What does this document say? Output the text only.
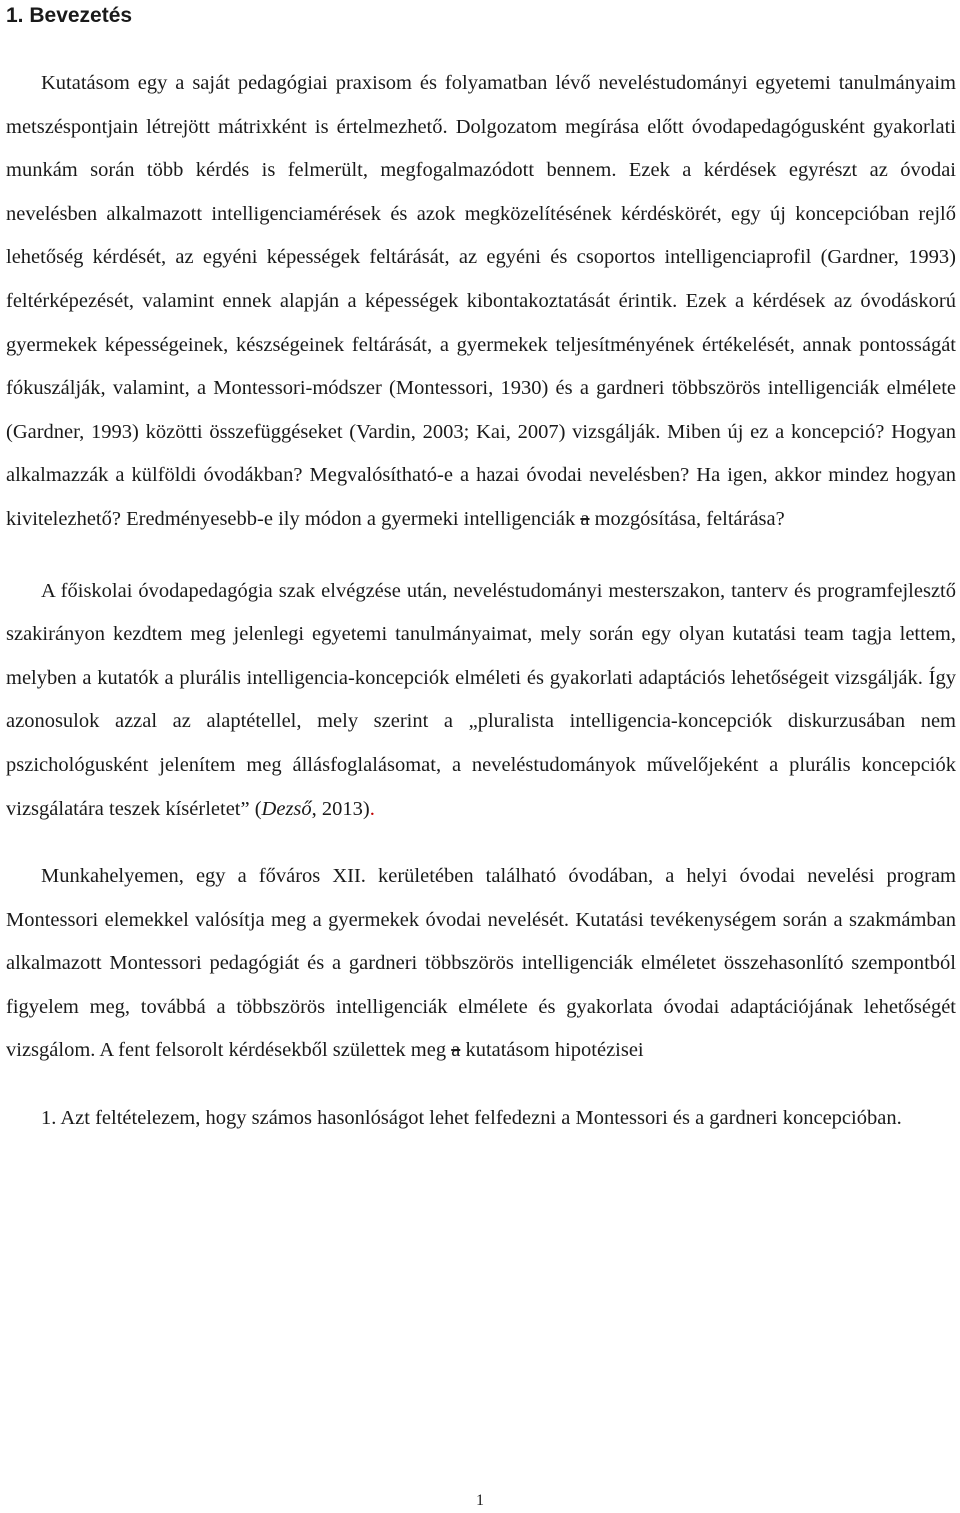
1. Bevezetés

Kutatásom egy a saját pedagógiai praxisom és folyamatban lévő neveléstudományi egyetemi tanulmányaim metszéspontjain létrejött mátrixként is értelmezhető. Dolgozatom megírása előtt óvodapedagógusként gyakorlati munkám során több kérdés is felmerült, megfogalmazódott bennem. Ezek a kérdések egyrészt az óvodai nevelésben alkalmazott intelligenciamérések és azok megközelítésének kérdéskörét, egy új koncepcióban rejlő lehetőség kérdését, az egyéni képességek feltárását, az egyéni és csoportos intelligenciaprofil (Gardner, 1993) feltérképezését, valamint ennek alapján a képességek kibontakoztatását érintik. Ezek a kérdések az óvodáskorú gyermekek képességeinek, készségeinek feltárását, a gyermekek teljesítményének értékelését, annak pontosságát fókuszálják, valamint, a Montessori-módszer (Montessori, 1930) és a gardneri többszörös intelligenciák elmélete (Gardner, 1993) közötti összefüggéseket (Vardin, 2003; Kai, 2007) vizsgálják. Miben új ez a koncepció? Hogyan alkalmazzák a külföldi óvodákban? Megvalósítható-e a hazai óvodai nevelésben? Ha igen, akkor mindez hogyan kivitelezhető? Eredményesebb-e ily módon a gyermeki intelligenciák a mozgósítása, feltárása?

A főiskolai óvodapedagógia szak elvégzése után, neveléstudományi mesterszakon, tanterv és programfejlesztő szakirányon kezdtem meg jelenlegi egyetemi tanulmányaimat, mely során egy olyan kutatási team tagja lettem, melyben a kutatók a plurális intelligencia-koncepciók elméleti és gyakorlati adaptációs lehetőségeit vizsgálják. Így azonosulok azzal az alaptétellel, mely szerint a „pluralista intelligencia-koncepciók diskurzusában nem pszichológusként jelenítem meg állásfoglalásomat, a neveléstudományok művelőjeként a plurális koncepciók vizsgálatára teszek kísérletet” (Dezső, 2013).

Munkahelyemen, egy a főváros XII. kerületében található óvodában, a helyi óvodai nevelési program Montessori elemekkel valósítja meg a gyermekek óvodai nevelését. Kutatási tevékenységem során a szakmámban alkalmazott Montessori pedagógiát és a gardneri többszörös intelligenciák elméletet összehasonlító szempontból figyelem meg, továbbá a többszörös intelligenciák elmélete és gyakorlata óvodai adaptációjának lehetőségét vizsgálom. A fent felsorolt kérdésekből születtek meg a kutatásom hipotézisei

1. Azt feltételezem, hogy számos hasonlóságot lehet felfedezni a Montessori és a gardneri koncepcióban.

1
